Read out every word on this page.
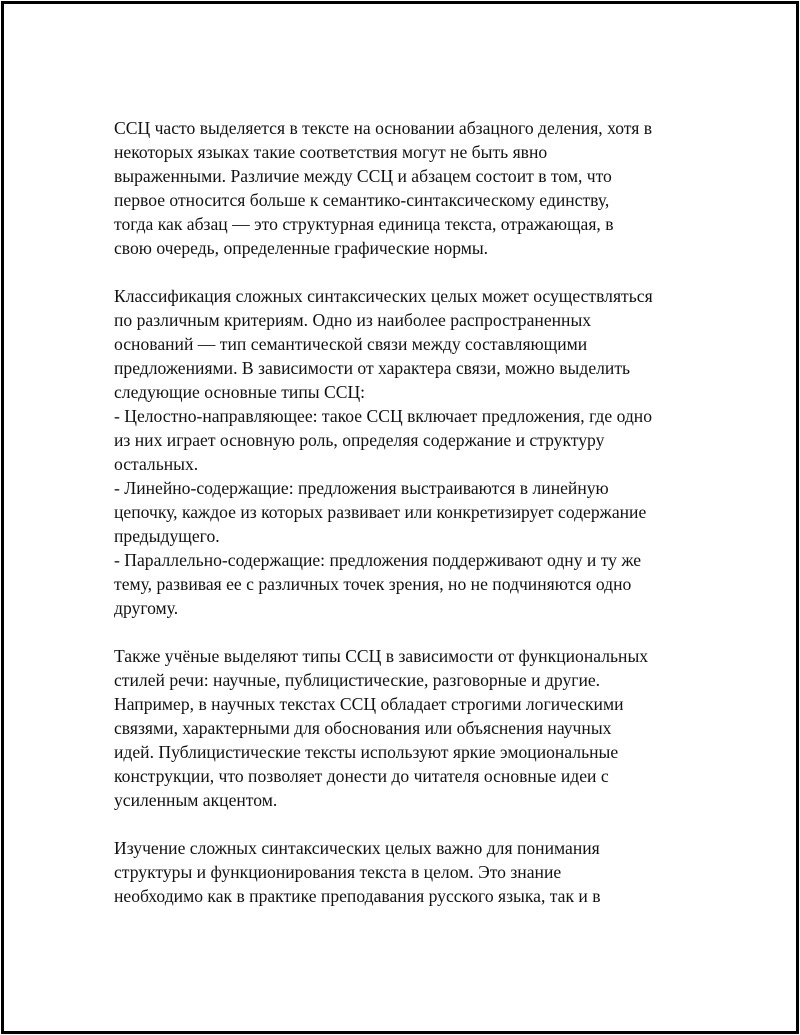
ССЦ часто выделяется в тексте на основании абзацного деления, хотя в
некоторых языках такие соответствия могут не быть явно
выраженными. Различие между ССЦ и абзацем состоит в том, что
первое относится больше к семантико-синтаксическому единству,
тогда как абзац — это структурная единица текста, отражающая, в
свою очередь, определенные графические нормы.

Классификация сложных синтаксических целых может осуществляться
по различным критериям. Одно из наиболее распространенных
оснований — тип семантической связи между составляющими
предложениями. В зависимости от характера связи, можно выделить
следующие основные типы ССЦ:
- Целостно-направляющее: такое ССЦ включает предложения, где одно
из них играет основную роль, определяя содержание и структуру
остальных.
- Линейно-содержащие: предложения выстраиваются в линейную
цепочку, каждое из которых развивает или конкретизирует содержание
предыдущего.
- Параллельно-содержащие: предложения поддерживают одну и ту же
тему, развивая ее с различных точек зрения, но не подчиняются одно
другому.

Также учёные выделяют типы ССЦ в зависимости от функциональных
стилей речи: научные, публицистические, разговорные и другие.
Например, в научных текстах ССЦ обладает строгими логическими
связями, характерными для обоснования или объяснения научных
идей. Публицистические тексты используют яркие эмоциональные
конструкции, что позволяет донести до читателя основные идеи с
усиленным акцентом.

Изучение сложных синтаксических целых важно для понимания
структуры и функционирования текста в целом. Это знание
необходимо как в практике преподавания русского языка, так и в
